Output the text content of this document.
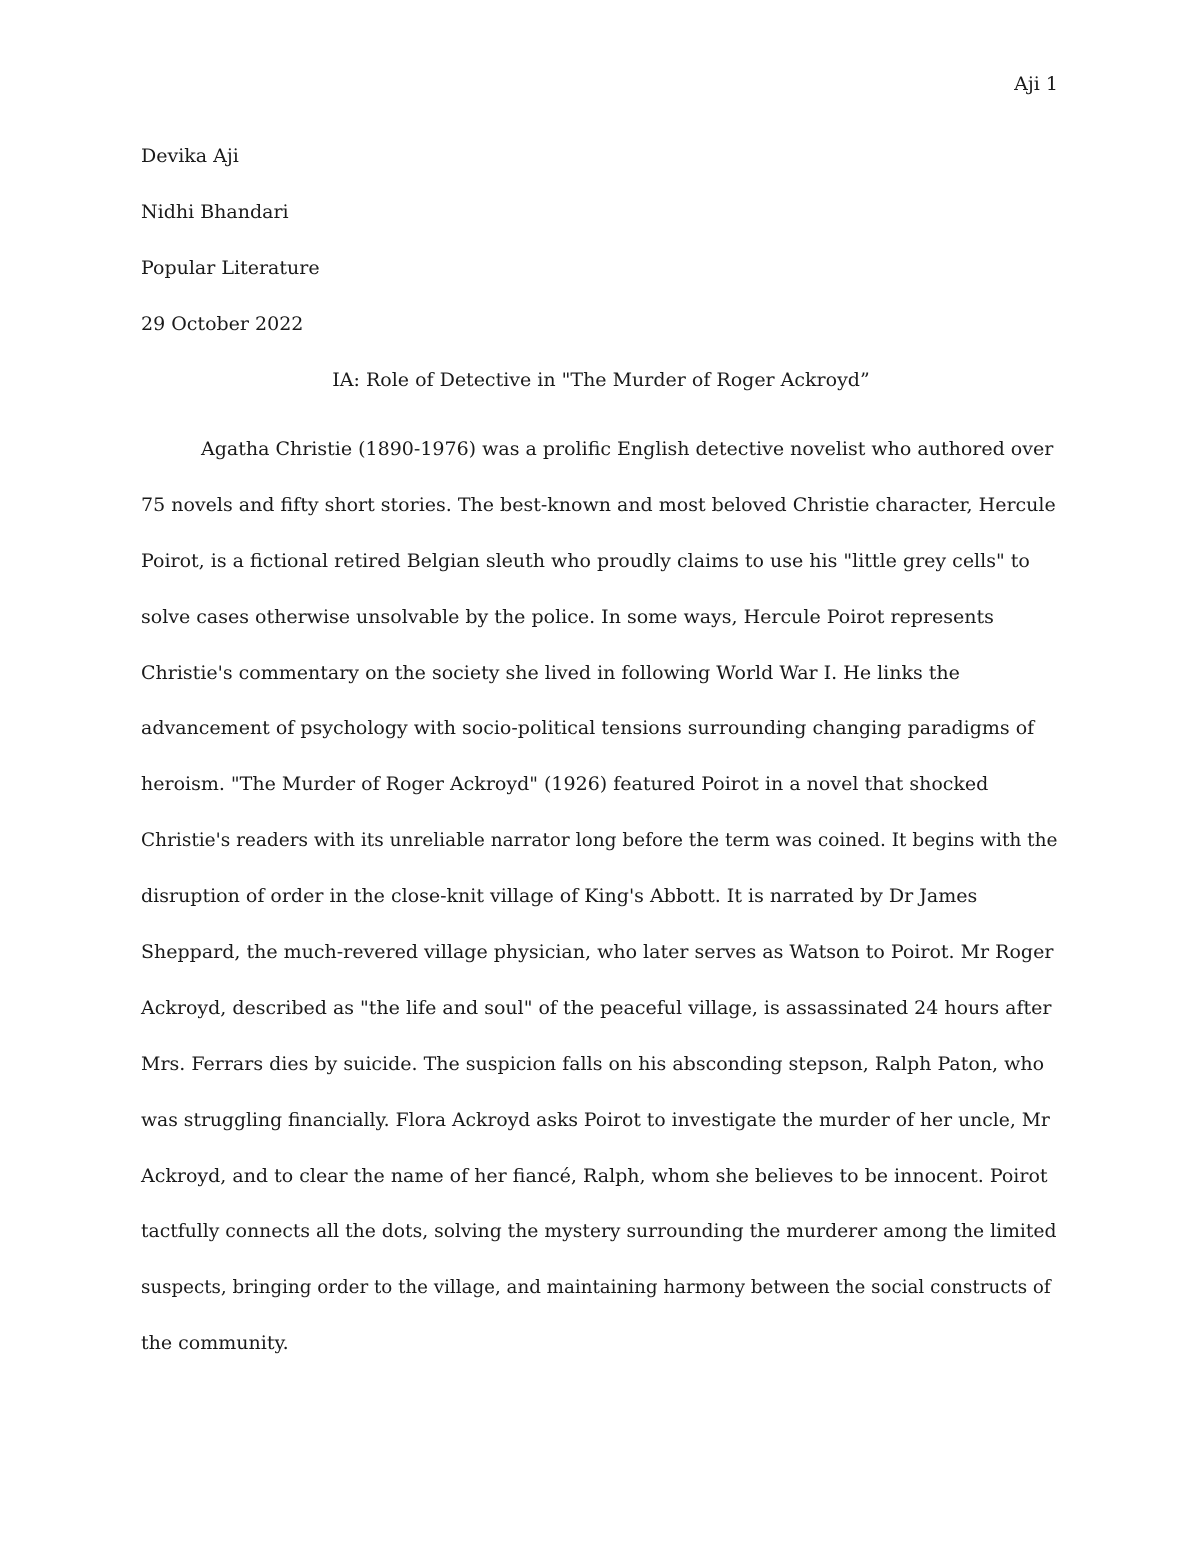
Aji 1
Devika Aji
Nidhi Bhandari
Popular Literature
29 October 2022
IA: Role of Detective in "The Murder of Roger Ackroyd”

Agatha Christie (1890-1976) was a prolific English detective novelist who authored over
75 novels and fifty short stories. The best-known and most beloved Christie character, Hercule
Poirot, is a fictional retired Belgian sleuth who proudly claims to use his "little grey cells" to
solve cases otherwise unsolvable by the police. In some ways, Hercule Poirot represents
Christie's commentary on the society she lived in following World War I. He links the
advancement of psychology with socio-political tensions surrounding changing paradigms of
heroism. "The Murder of Roger Ackroyd" (1926) featured Poirot in a novel that shocked
Christie's readers with its unreliable narrator long before the term was coined. It begins with the
disruption of order in the close-knit village of King's Abbott. It is narrated by Dr James
Sheppard, the much-revered village physician, who later serves as Watson to Poirot. Mr Roger
Ackroyd, described as "the life and soul" of the peaceful village, is assassinated 24 hours after
Mrs. Ferrars dies by suicide. The suspicion falls on his absconding stepson, Ralph Paton, who
was struggling financially. Flora Ackroyd asks Poirot to investigate the murder of her uncle, Mr
Ackroyd, and to clear the name of her fiancé, Ralph, whom she believes to be innocent. Poirot
tactfully connects all the dots, solving the mystery surrounding the murderer among the limited
suspects, bringing order to the village, and maintaining harmony between the social constructs of
the community.
